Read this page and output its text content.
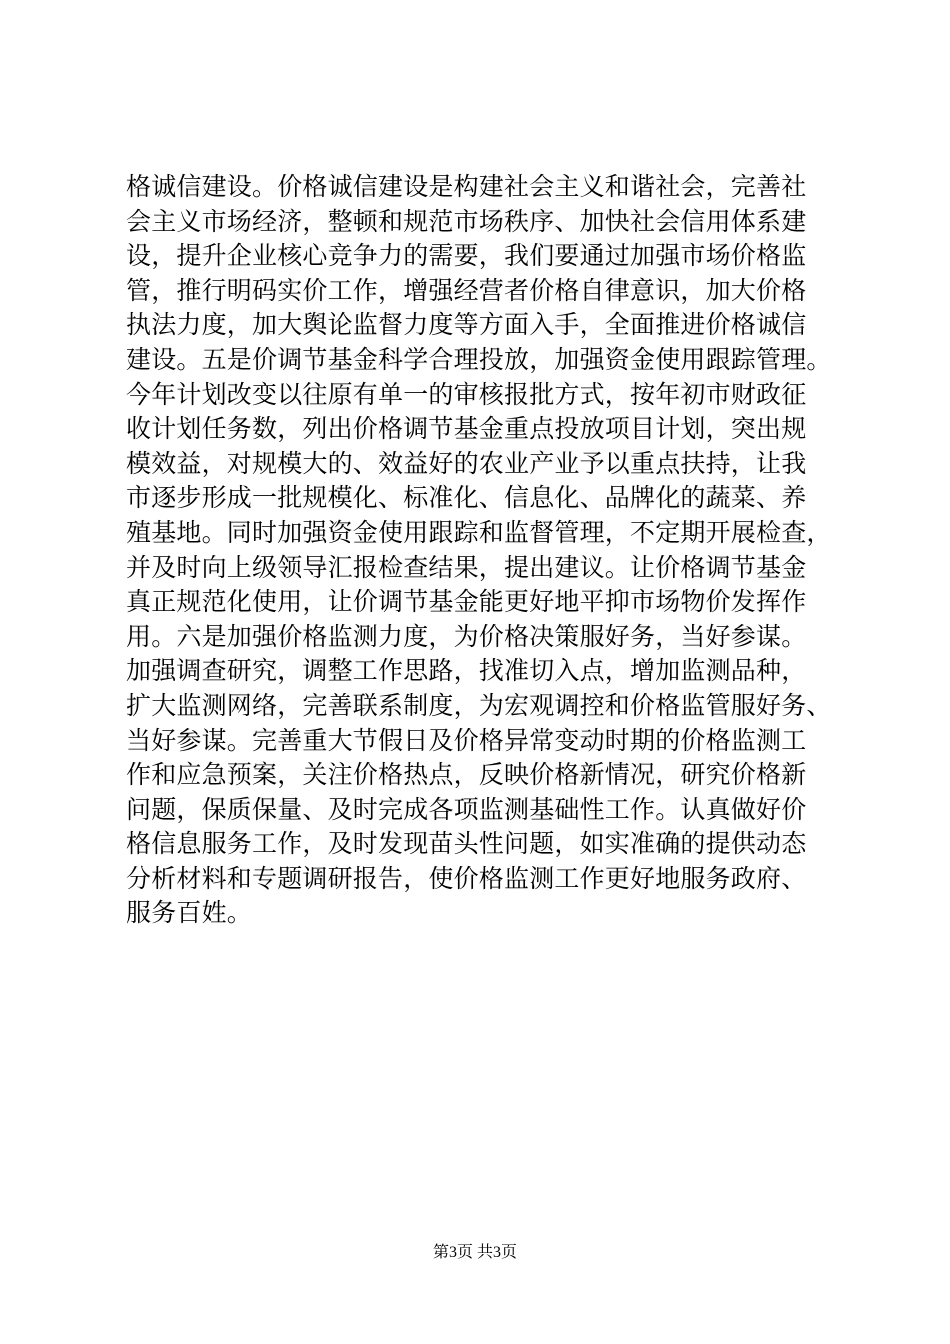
格诚信建设。价格诚信建设是构建社会主义和谐社会，完善社
会主义市场经济，整顿和规范市场秩序、加快社会信用体系建
设，提升企业核心竞争力的需要，我们要通过加强市场价格监
管，推行明码实价工作，增强经营者价格自律意识，加大价格
执法力度，加大舆论监督力度等方面入手，全面推进价格诚信
建设。五是价调节基金科学合理投放，加强资金使用跟踪管理。
今年计划改变以往原有单一的审核报批方式，按年初市财政征
收计划任务数，列出价格调节基金重点投放项目计划，突出规
模效益，对规模大的、效益好的农业产业予以重点扶持，让我
市逐步形成一批规模化、标准化、信息化、品牌化的蔬菜、养
殖基地。同时加强资金使用跟踪和监督管理，不定期开展检查，
并及时向上级领导汇报检查结果，提出建议。让价格调节基金
真正规范化使用，让价调节基金能更好地平抑市场物价发挥作
用。六是加强价格监测力度，为价格决策服好务，当好参谋。
加强调查研究，调整工作思路，找准切入点，增加监测品种，
扩大监测网络，完善联系制度，为宏观调控和价格监管服好务、
当好参谋。完善重大节假日及价格异常变动时期的价格监测工
作和应急预案，关注价格热点，反映价格新情况，研究价格新
问题，保质保量、及时完成各项监测基础性工作。认真做好价
格信息服务工作，及时发现苗头性问题，如实准确的提供动态
分析材料和专题调研报告，使价格监测工作更好地服务政府、
服务百姓。
第3页 共3页
